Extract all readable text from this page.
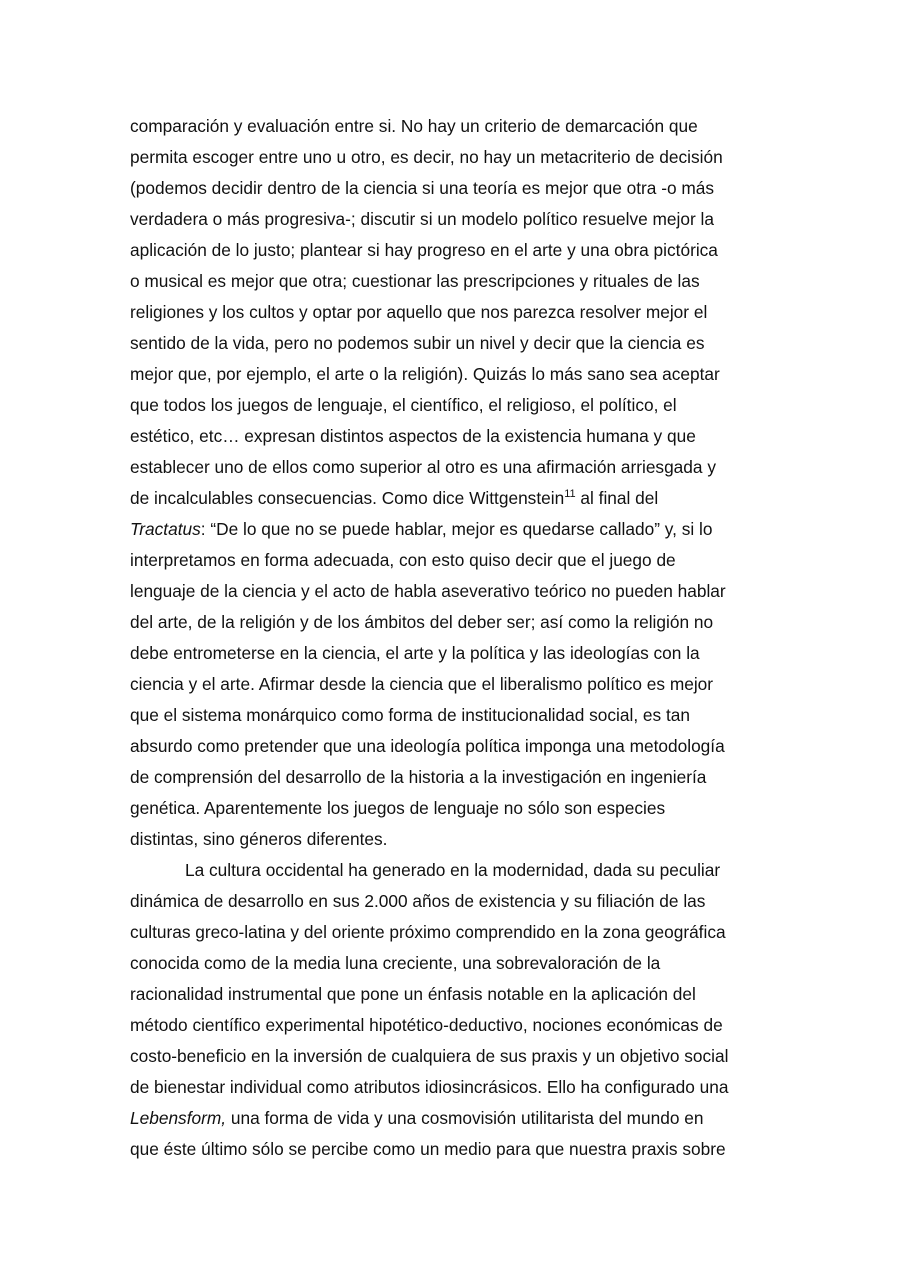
comparación y evaluación entre si. No hay un criterio de demarcación que
permita escoger entre uno u otro, es decir, no hay un metacriterio de decisión
(podemos decidir dentro de la ciencia si una teoría es mejor que otra -o más
verdadera o más progresiva-; discutir si un modelo político resuelve mejor la
aplicación de lo justo; plantear si hay progreso en el arte y una obra pictórica
o musical es mejor que otra; cuestionar las prescripciones y rituales de las
religiones y los cultos y optar por aquello que nos parezca resolver mejor el
sentido de la vida, pero no podemos subir un nivel y decir que la ciencia es
mejor que, por ejemplo, el arte o la religión). Quizás lo más sano sea aceptar
que todos los juegos de lenguaje, el científico, el religioso, el político, el
estético, etc… expresan distintos aspectos de la existencia humana y que
establecer uno de ellos como superior al otro es una afirmación arriesgada y
de incalculables consecuencias. Como dice Wittgenstein$^{11}$ al final del
Tractatus: “De lo que no se puede hablar, mejor es quedarse callado” y, si lo
interpretamos en forma adecuada, con esto quiso decir que el juego de
lenguaje de la ciencia y el acto de habla aseverativo teórico no pueden hablar
del arte, de la religión y de los ámbitos del deber ser; así como la religión no
debe entrometerse en la ciencia, el arte y la política y las ideologías con la
ciencia y el arte. Afirmar desde la ciencia que el liberalismo político es mejor
que el sistema monárquico como forma de institucionalidad social, es tan
absurdo como pretender que una ideología política imponga una metodología
de comprensión del desarrollo de la historia a la investigación en ingeniería
genética. Aparentemente los juegos de lenguaje no sólo son especies
distintas, sino géneros diferentes.
La cultura occidental ha generado en la modernidad, dada su peculiar
dinámica de desarrollo en sus 2.000 años de existencia y su filiación de las
culturas greco-latina y del oriente próximo comprendido en la zona geográfica
conocida como de la media luna creciente, una sobrevaloración de la
racionalidad instrumental que pone un énfasis notable en la aplicación del
método científico experimental hipotético-deductivo, nociones económicas de
costo-beneficio en la inversión de cualquiera de sus praxis y un objetivo social
de bienestar individual como atributos idiosincrásicos. Ello ha configurado una
Lebensform, una forma de vida y una cosmovisión utilitarista del mundo en
que éste último sólo se percibe como un medio para que nuestra praxis sobre
